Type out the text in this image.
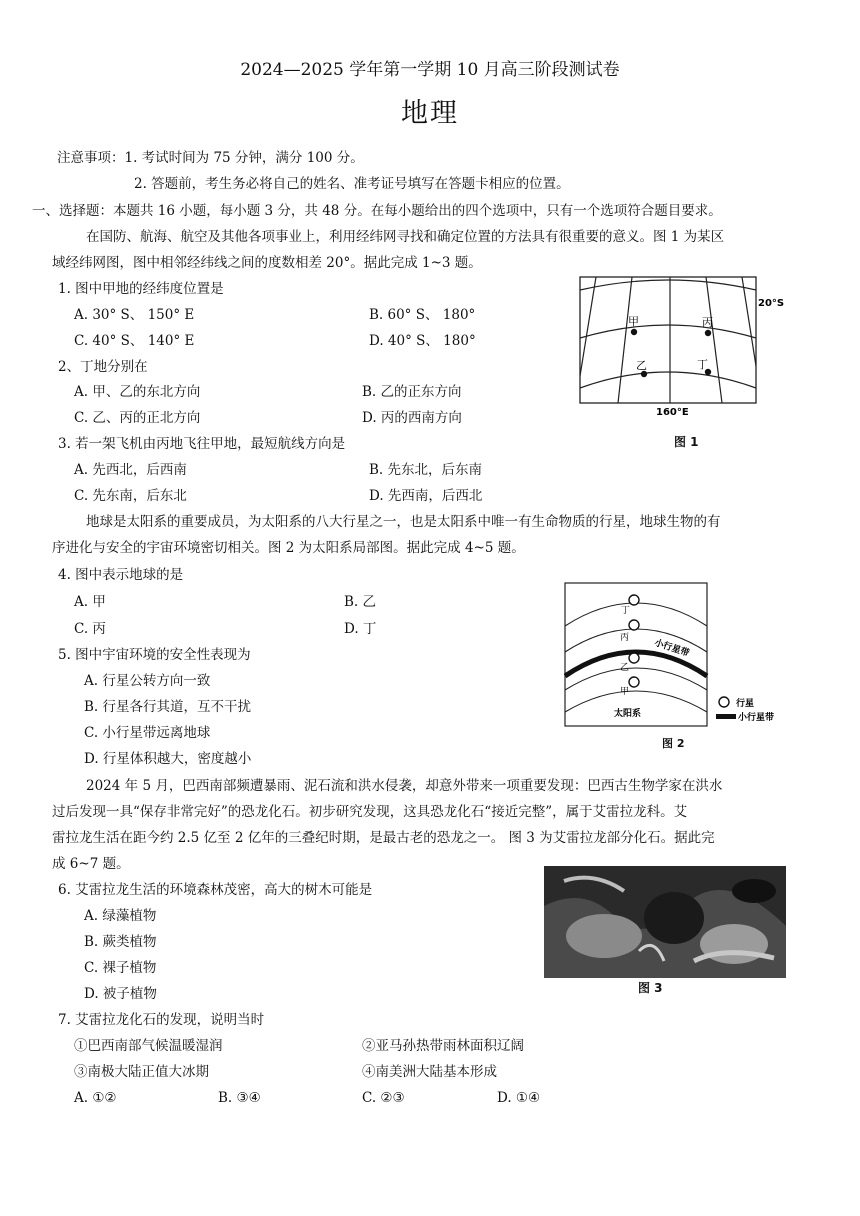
2024—2025 学年第一学期 10 月高三阶段测试卷
地理
注意事项：1. 考试时间为 75 分钟，满分 100 分。
2. 答题前，考生务必将自己的姓名、准考证号填写在答题卡相应的位置。
一、选择题：本题共 16 小题，每小题 3 分，共 48 分。在每小题给出的四个选项中，只有一个选项符合题目要求。
在国防、航海、航空及其他各项事业上，利用经纬网寻找和确定位置的方法具有很重要的意义。图 1 为某区
域经纬网图，图中相邻经纬线之间的度数相差 20°。据此完成 1~3 题。
1. 图中甲地的经纬度位置是
A. 30° S、 150° E	B. 60° S、 180°
C. 40° S、 140° E	D. 40° S、 180°
2、丁地分别在
A. 甲、乙的东北方向	B. 乙的正东方向
C. 乙、丙的正北方向	D. 丙的西南方向
3. 若一架飞机由丙地飞往甲地，最短航线方向是
A. 先西北，后西南	B. 先东北，后东南
C. 先东南，后东北	D. 先西南，后西北
甲	丙
乙	丁
20°S
160°E
图 1
地球是太阳系的重要成员，为太阳系的八大行星之一，也是太阳系中唯一有生命物质的行星，地球生物的有
序进化与安全的宇宙环境密切相关。图 2 为太阳系局部图。据此完成 4~5 题。
4. 图中表示地球的是
A. 甲	B. 乙
C. 丙	D. 丁
5. 图中宇宙环境的安全性表现为
A. 行星公转方向一致
B. 行星各行其道，互不干扰
C. 小行星带远离地球
D. 行星体积越大，密度越小
丁
丙
乙
甲
小行星带
太阳系
行星
小行星带
图 2
2024 年 5 月，巴西南部频遭暴雨、泥石流和洪水侵袭，却意外带来一项重要发现：巴西古生物学家在洪水
过后发现一具“保存非常完好”的恐龙化石。初步研究发现，这具恐龙化石“接近完整”，属于艾雷拉龙科。艾
雷拉龙生活在距今约 2.5 亿至 2 亿年的三叠纪时期，是最古老的恐龙之一。 图 3 为艾雷拉龙部分化石。据此完
成 6~7 题。
6. 艾雷拉龙生活的环境森林茂密，高大的树木可能是
A. 绿藻植物
B. 蕨类植物
C. 裸子植物
D. 被子植物	图 3
7. 艾雷拉龙化石的发现，说明当时
①巴西南部气候温暖湿润	②亚马孙热带雨林面积辽阔
③南极大陆正值大冰期	④南美洲大陆基本形成
A. ①②	B. ③④	C. ②③	D. ①④
